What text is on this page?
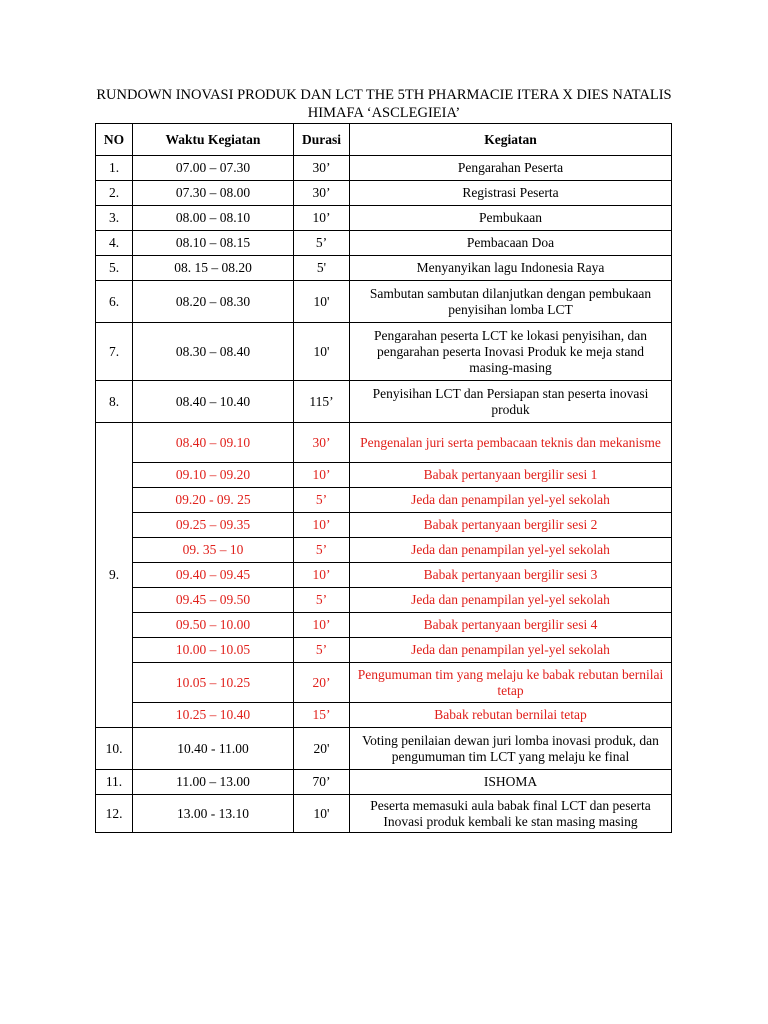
RUNDOWN INOVASI PRODUK DAN LCT THE 5TH PHARMACIE ITERA X DIES NATALIS
HIMAFA ‘ASCLEGIEIA’
NO	Waktu Kegiatan	Durasi	Kegiatan
1.	07.00 – 07.30	30’	Pengarahan Peserta
2.	07.30 – 08.00	30’	Registrasi Peserta
3.	08.00 – 08.10	10’	Pembukaan
4.	08.10 – 08.15	5’	Pembacaan Doa
5.	08. 15 – 08.20	5'	Menyanyikan lagu Indonesia Raya
6.	08.20 – 08.30	10'	Sambutan sambutan dilanjutkan dengan pembukaan penyisihan lomba LCT
7.	08.30 – 08.40	10'	Pengarahan peserta LCT ke lokasi penyisihan, dan pengarahan peserta Inovasi Produk ke meja stand masing-masing
8.	08.40 – 10.40	115’	Penyisihan LCT dan Persiapan stan peserta inovasi produk
9.	08.40 – 09.10	30’	Pengenalan juri serta pembacaan teknis dan mekanisme
	09.10 – 09.20	10’	Babak pertanyaan bergilir sesi 1
	09.20 - 09. 25	5’	Jeda dan penampilan yel-yel sekolah
	09.25 – 09.35	10’	Babak pertanyaan bergilir sesi 2
	09. 35 – 10	5’	Jeda dan penampilan yel-yel sekolah
	09.40 – 09.45	10’	Babak pertanyaan bergilir sesi 3
	09.45 – 09.50	5’	Jeda dan penampilan yel-yel sekolah
	09.50 – 10.00	10’	Babak pertanyaan bergilir sesi 4
	10.00 – 10.05	5’	Jeda dan penampilan yel-yel sekolah
	10.05 – 10.25	20’	Pengumuman tim yang melaju ke babak rebutan bernilai tetap
	10.25 – 10.40	15’	Babak rebutan bernilai tetap
10.	10.40 - 11.00	20'	Voting penilaian dewan juri lomba inovasi produk, dan pengumuman tim LCT yang melaju ke final
11.	11.00 – 13.00	70’	ISHOMA
12.	13.00 - 13.10	10'	Peserta memasuki aula babak final LCT dan peserta Inovasi produk kembali ke stan masing masing
